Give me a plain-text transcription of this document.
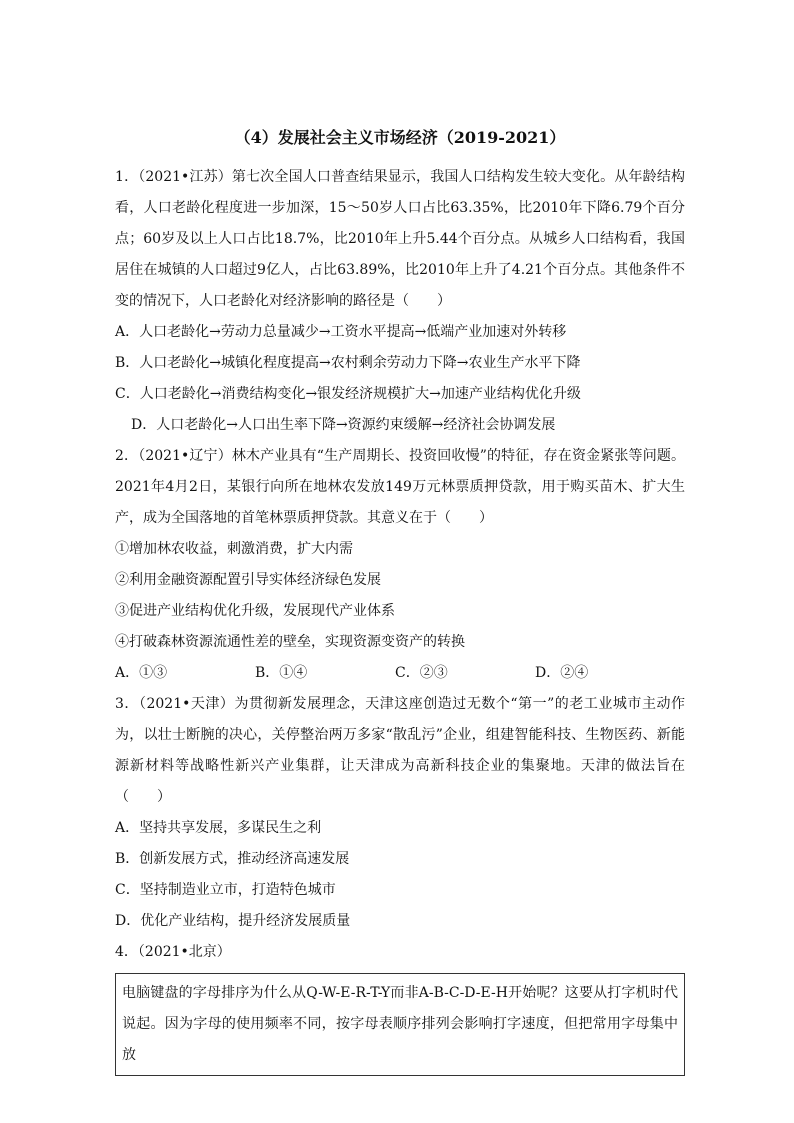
（4）发展社会主义市场经济（2019-2021）

1．（2021•江苏）第七次全国人口普查结果显示，我国人口结构发生较大变化。从年龄结构看，人口老龄化程度进一步加深，15～50岁人口占比63.35%，比2010年下降6.79个百分点；60岁及以上人口占比18.7%，比2010年上升5.44个百分点。从城乡人口结构看，我国居住在城镇的人口超过9亿人，占比63.89%，比2010年上升了4.21个百分点。其他条件不变的情况下，人口老龄化对经济影响的路径是（　　）

A．人口老龄化→劳动力总量减少→工资水平提高→低端产业加速对外转移

B．人口老龄化→城镇化程度提高→农村剩余劳动力下降→农业生产水平下降

C．人口老龄化→消费结构变化→银发经济规模扩大→加速产业结构优化升级

D．人口老龄化→人口出生率下降→资源约束缓解→经济社会协调发展

2．（2021•辽宁）林木产业具有“生产周期长、投资回收慢”的特征，存在资金紧张等问题。2021年4月2日，某银行向所在地林农发放149万元林票质押贷款，用于购买苗木、扩大生产，成为全国落地的首笔林票质押贷款。其意义在于（　　）

①增加林农收益，刺激消费，扩大内需

②利用金融资源配置引导实体经济绿色发展

③促进产业结构优化升级，发展现代产业体系

④打破森林资源流通性差的壁垒，实现资源变资产的转换

A．①③	B．①④	C．②③	D．②④

3．（2021•天津）为贯彻新发展理念，天津这座创造过无数个“第一”的老工业城市主动作为，以壮士断腕的决心，关停整治两万多家“散乱污”企业，组建智能科技、生物医药、新能源新材料等战略性新兴产业集群，让天津成为高新科技企业的集聚地。天津的做法旨在（　　）

A．坚持共享发展，多谋民生之利

B．创新发展方式，推动经济高速发展

C．坚持制造业立市，打造特色城市

D．优化产业结构，提升经济发展质量

4．（2021•北京）

电脑键盘的字母排序为什么从Q-W-E-R-T-Y而非A-B-C-D-E-H开始呢？这要从打字机时代说起。因为字母的使用频率不同，按字母表顺序排列会影响打字速度，但把常用字母集中放
